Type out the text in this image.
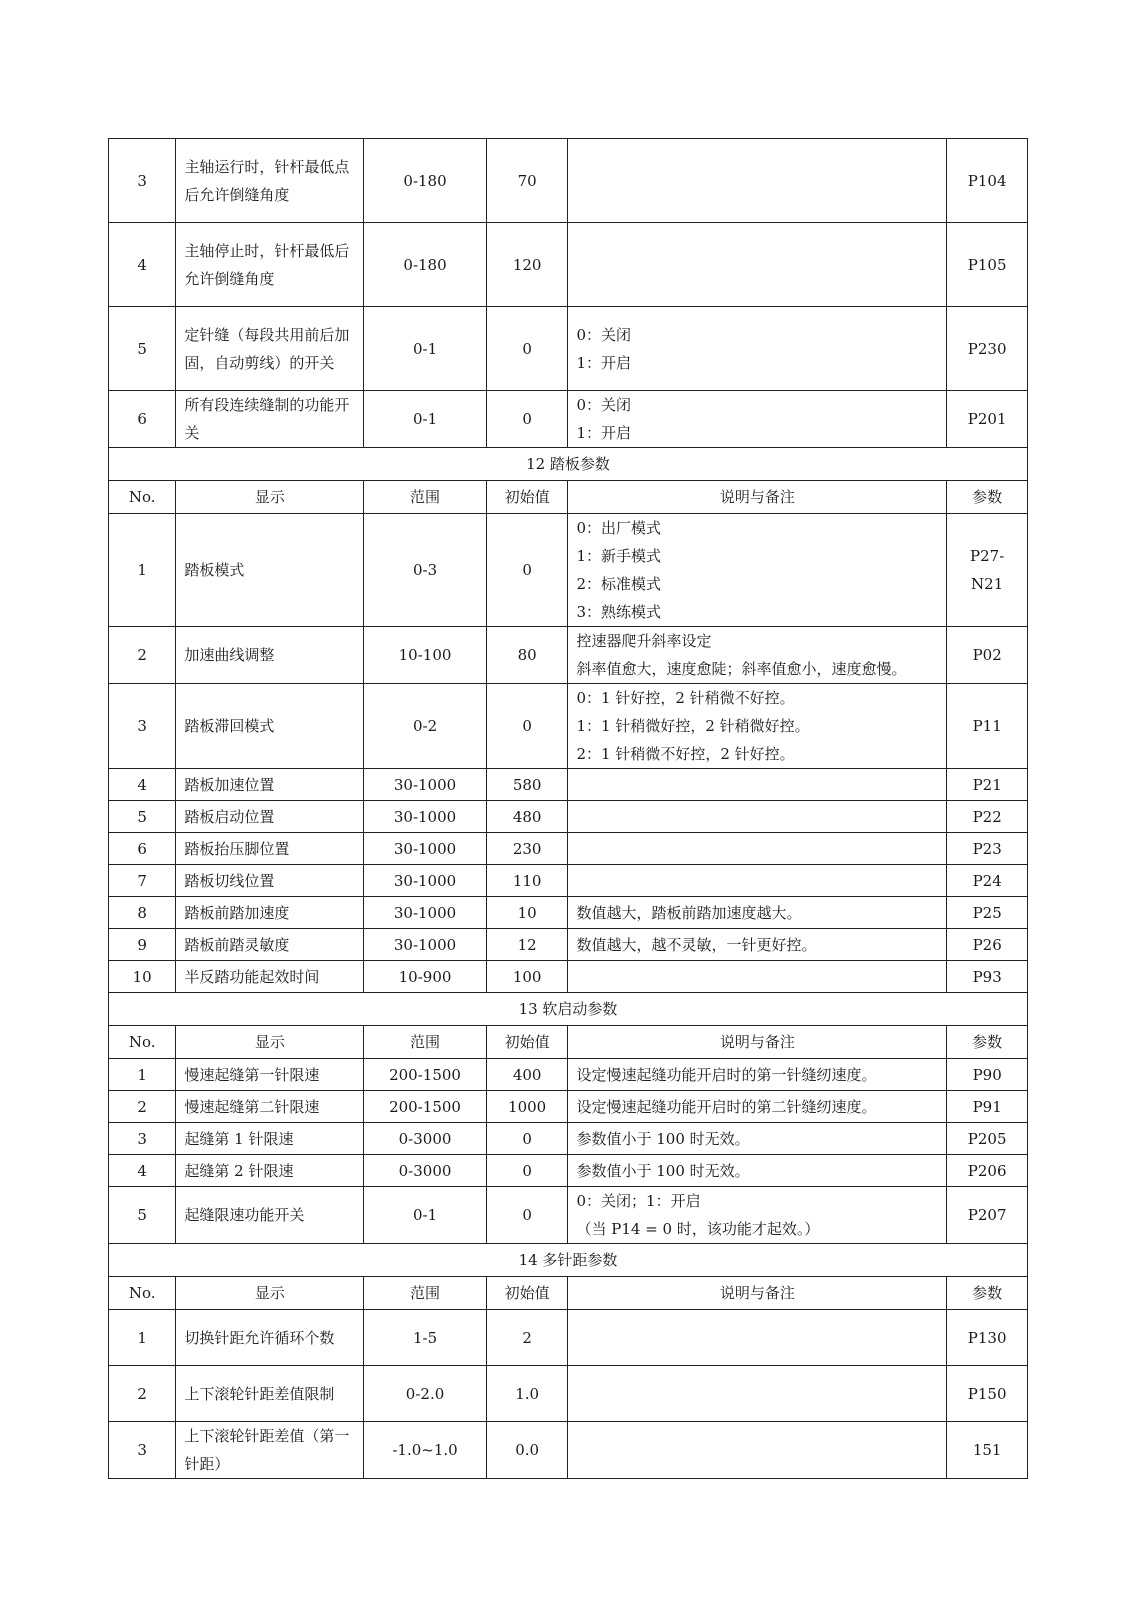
3	主轴运行时，针杆最低点后允许倒缝角度	0-180	70		P104
4	主轴停止时，针杆最低后允许倒缝角度	0-180	120		P105
5	定针缝（每段共用前后加固，自动剪线）的开关	0-1	0	0：关闭
1：开启	P230
6	所有段连续缝制的功能开关	0-1	0	0：关闭
1：开启	P201
12 踏板参数					
No.	显示	范围	初始值	说明与备注	参数
1	踏板模式	0-3	0	0：出厂模式
1：新手模式
2：标准模式
3：熟练模式	P27-N21
2	加速曲线调整	10-100	80	控速器爬升斜率设定
斜率值愈大，速度愈陡；斜率值愈小，速度愈慢。	P02
3	踏板滞回模式	0-2	0	0：1 针好控，2 针稍微不好控。
1：1 针稍微好控，2 针稍微好控。
2：1 针稍微不好控，2 针好控。	P11
4	踏板加速位置	30-1000	580		P21
5	踏板启动位置	30-1000	480		P22
6	踏板抬压脚位置	30-1000	230		P23
7	踏板切线位置	30-1000	110		P24
8	踏板前踏加速度	30-1000	10	数值越大，踏板前踏加速度越大。	P25
9	踏板前踏灵敏度	30-1000	12	数值越大，越不灵敏，一针更好控。	P26
10	半反踏功能起效时间	10-900	100		P93
13 软启动参数					
No.	显示	范围	初始值	说明与备注	参数
1	慢速起缝第一针限速	200-1500	400	设定慢速起缝功能开启时的第一针缝纫速度。	P90
2	慢速起缝第二针限速	200-1500	1000	设定慢速起缝功能开启时的第二针缝纫速度。	P91
3	起缝第 1 针限速	0-3000	0	参数值小于 100 时无效。	P205
4	起缝第 2 针限速	0-3000	0	参数值小于 100 时无效。	P206
5	起缝限速功能开关	0-1	0	0：关闭；1：开启
（当 P14 = 0 时，该功能才起效。）	P207
14 多针距参数					
No.	显示	范围	初始值	说明与备注	参数
1	切换针距允许循环个数	1-5	2		P130
2	上下滚轮针距差值限制	0-2.0	1.0		P150
3	上下滚轮针距差值（第一针距）	-1.0~1.0	0.0		151
